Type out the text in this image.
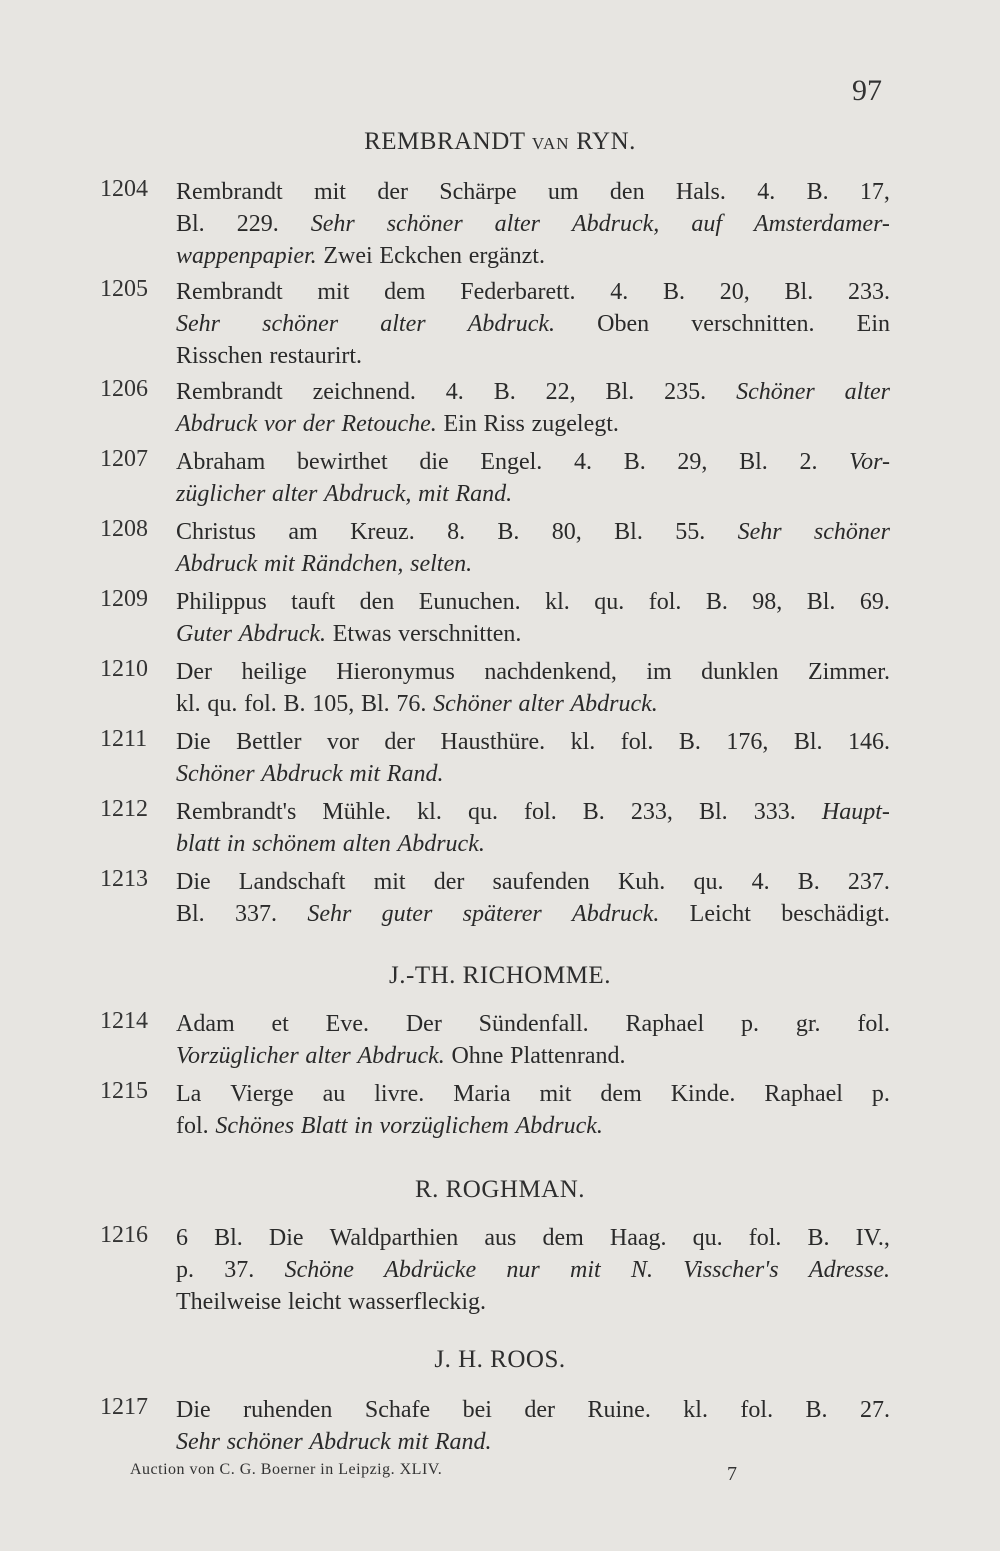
97
REMBRANDT VAN RYN.
1204	Rembrandt mit der Schärpe um den Hals. 4. B. 17,
Bl. 229. Sehr schöner alter Abdruck, auf Amsterdamer-
wappenpapier. Zwei Eckchen ergänzt.
1205	Rembrandt mit dem Federbarett. 4. B. 20, Bl. 233.
Sehr schöner alter Abdruck. Oben verschnitten. Ein
Risschen restaurirt.
1206	Rembrandt zeichnend. 4. B. 22, Bl. 235. Schöner alter
Abdruck vor der Retouche. Ein Riss zugelegt.
1207	Abraham bewirthet die Engel. 4. B. 29, Bl. 2. Vor-
züglicher alter Abdruck, mit Rand.
1208	Christus am Kreuz. 8. B. 80, Bl. 55. Sehr schöner
Abdruck mit Rändchen, selten.
1209	Philippus tauft den Eunuchen. kl. qu. fol. B. 98, Bl. 69.
Guter Abdruck. Etwas verschnitten.
1210	Der heilige Hieronymus nachdenkend, im dunklen Zimmer.
kl. qu. fol. B. 105, Bl. 76. Schöner alter Abdruck.
1211	Die Bettler vor der Hausthüre. kl. fol. B. 176, Bl. 146.
Schöner Abdruck mit Rand.
1212	Rembrandt's Mühle. kl. qu. fol. B. 233, Bl. 333. Haupt-
blatt in schönem alten Abdruck.
1213	Die Landschaft mit der saufenden Kuh. qu. 4. B. 237.
Bl. 337. Sehr guter späterer Abdruck. Leicht beschädigt.
J.-TH. RICHOMME.
1214	Adam et Eve. Der Sündenfall. Raphael p. gr. fol.
Vorzüglicher alter Abdruck. Ohne Plattenrand.
1215	La Vierge au livre. Maria mit dem Kinde. Raphael p.
fol. Schönes Blatt in vorzüglichem Abdruck.
R. ROGHMAN.
1216	6 Bl. Die Waldparthien aus dem Haag. qu. fol. B. IV.,
p. 37. Schöne Abdrücke nur mit N. Visscher's Adresse.
Theilweise leicht wasserfleckig.
J. H. ROOS.
1217	Die ruhenden Schafe bei der Ruine. kl. fol. B. 27.
Sehr schöner Abdruck mit Rand.
Auction von C. G. Boerner in Leipzig. XLIV.	7
